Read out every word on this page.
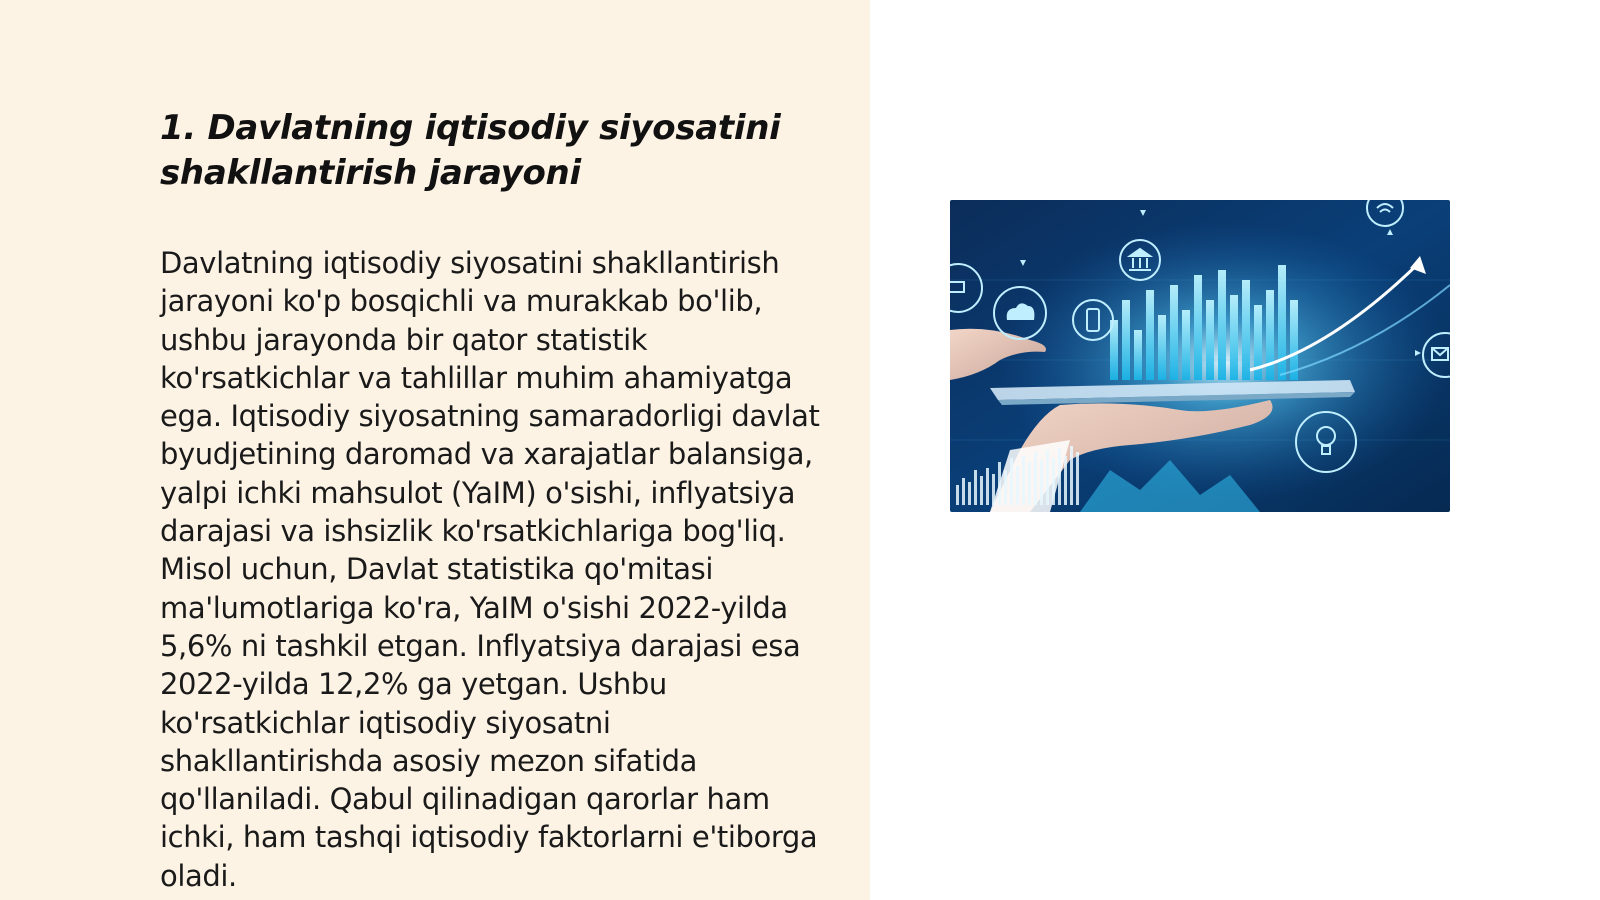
1. Davlatning iqtisodiy siyosatini shakllantirish jarayoni

Davlatning iqtisodiy siyosatini shakllantirish jarayoni ko'p bosqichli va murakkab bo'lib, ushbu jarayonda bir qator statistik ko'rsatkichlar va tahlillar muhim ahamiyatga ega. Iqtisodiy siyosatning samaradorligi davlat byudjetining daromad va xarajatlar balansiga, yalpi ichki mahsulot (YaIM) o'sishi, inflyatsiya darajasi va ishsizlik ko'rsatkichlariga bog'liq. Misol uchun, Davlat statistika qo'mitasi ma'lumotlariga ko'ra, YaIM o'sishi 2022-yilda 5,6% ni tashkil etgan. Inflyatsiya darajasi esa 2022-yilda 12,2% ga yetgan. Ushbu ko'rsatkichlar iqtisodiy siyosatni shakllantirishda asosiy mezon sifatida qo'llaniladi. Qabul qilinadigan qarorlar ham ichki, ham tashqi iqtisodiy faktorlarni e'tiborga oladi.
